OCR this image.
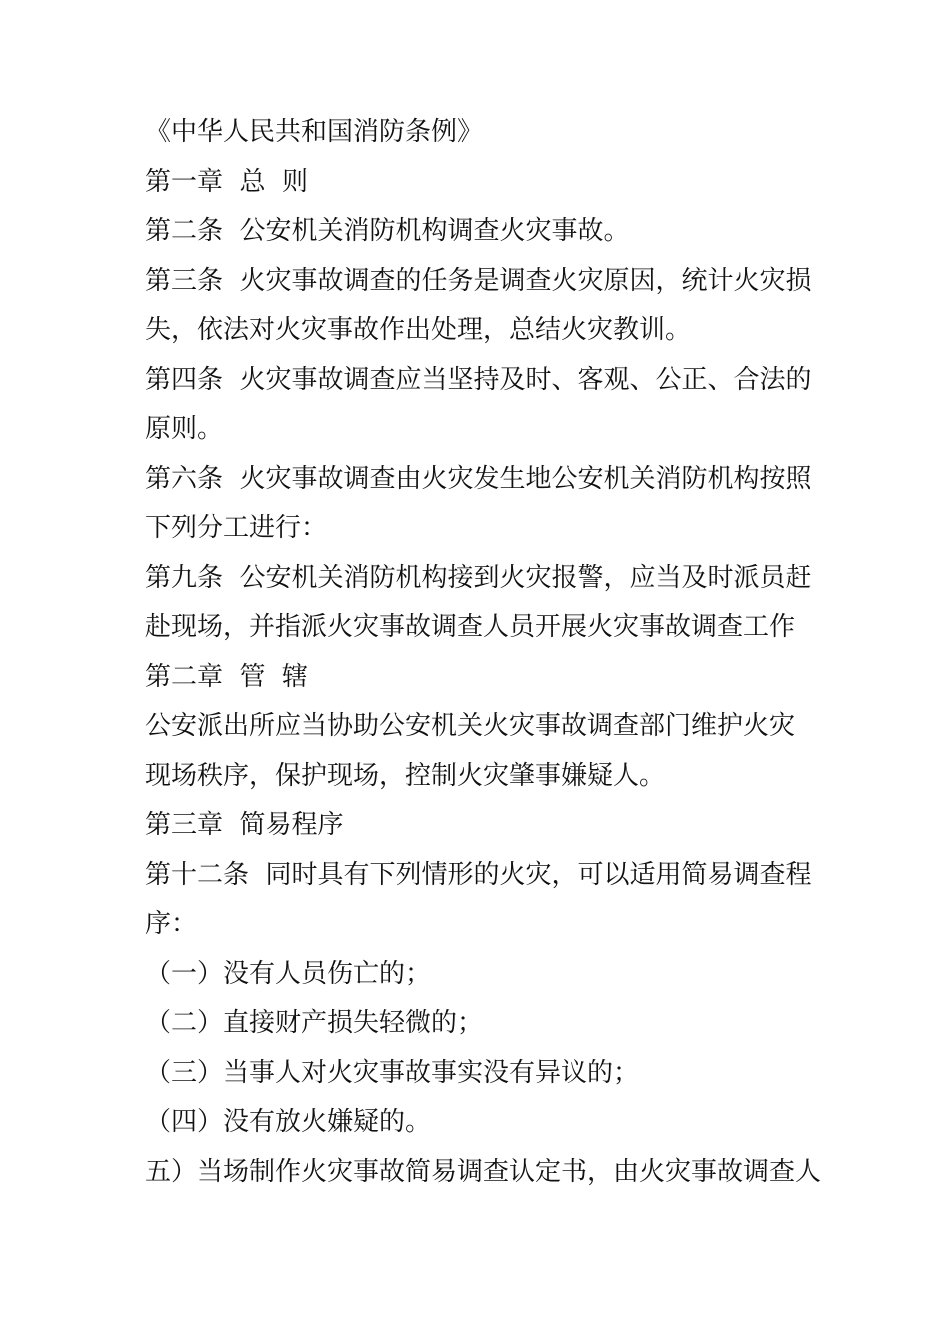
《中华人民共和国消防条例》
第一章  总  则
第二条  公安机关消防机构调查火灾事故。
第三条  火灾事故调查的任务是调查火灾原因，统计火灾损
失，依法对火灾事故作出处理，总结火灾教训。
第四条  火灾事故调查应当坚持及时、客观、公正、合法的
原则。
第六条  火灾事故调查由火灾发生地公安机关消防机构按照
下列分工进行：
第九条  公安机关消防机构接到火灾报警，应当及时派员赶
赴现场，并指派火灾事故调查人员开展火灾事故调查工作
第二章  管  辖
公安派出所应当协助公安机关火灾事故调查部门维护火灾
现场秩序，保护现场，控制火灾肇事嫌疑人。
第三章  简易程序
第十二条  同时具有下列情形的火灾，可以适用简易调查程
序：
（一）没有人员伤亡的；
（二）直接财产损失轻微的；
（三）当事人对火灾事故事实没有异议的；
（四）没有放火嫌疑的。
五）当场制作火灾事故简易调查认定书，由火灾事故调查人
